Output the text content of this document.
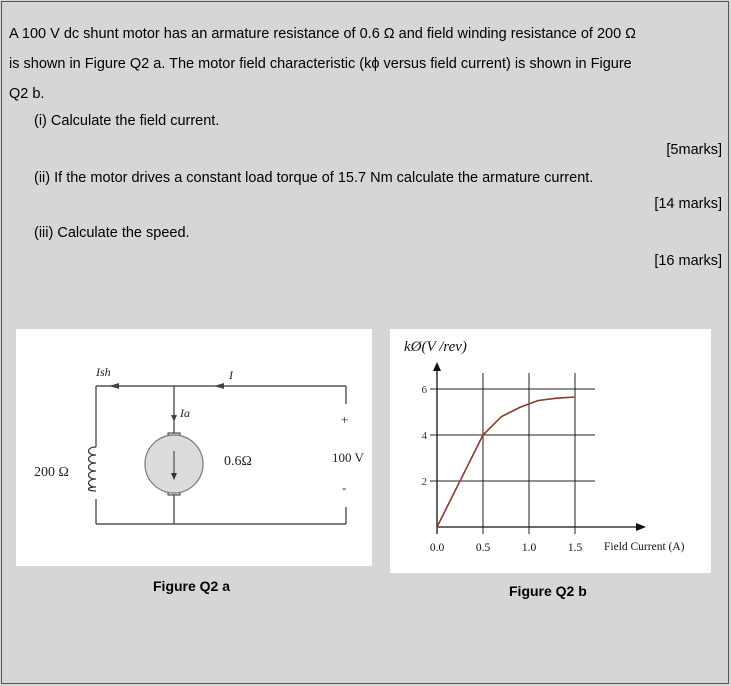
A 100 V dc shunt motor has an armature resistance of 0.6 Ω and field winding resistance of 200 Ω
is shown in Figure Q2 a. The motor field characteristic (kϕ versus field current) is shown in Figure
Q2 b.
(i) Calculate the field current.
[5marks]
(ii) If the motor drives a constant load torque of 15.7 Nm calculate the armature current.
[14 marks]
(iii) Calculate the speed.
[16 marks]
Ish	I
Ia
200 Ω
0.6Ω	100 V
+
-
Figure Q2 a
kØ(V /rev)
0.0	0.5	1.0	1.5
2
4
6
Field Current (A)
Figure Q2 b
